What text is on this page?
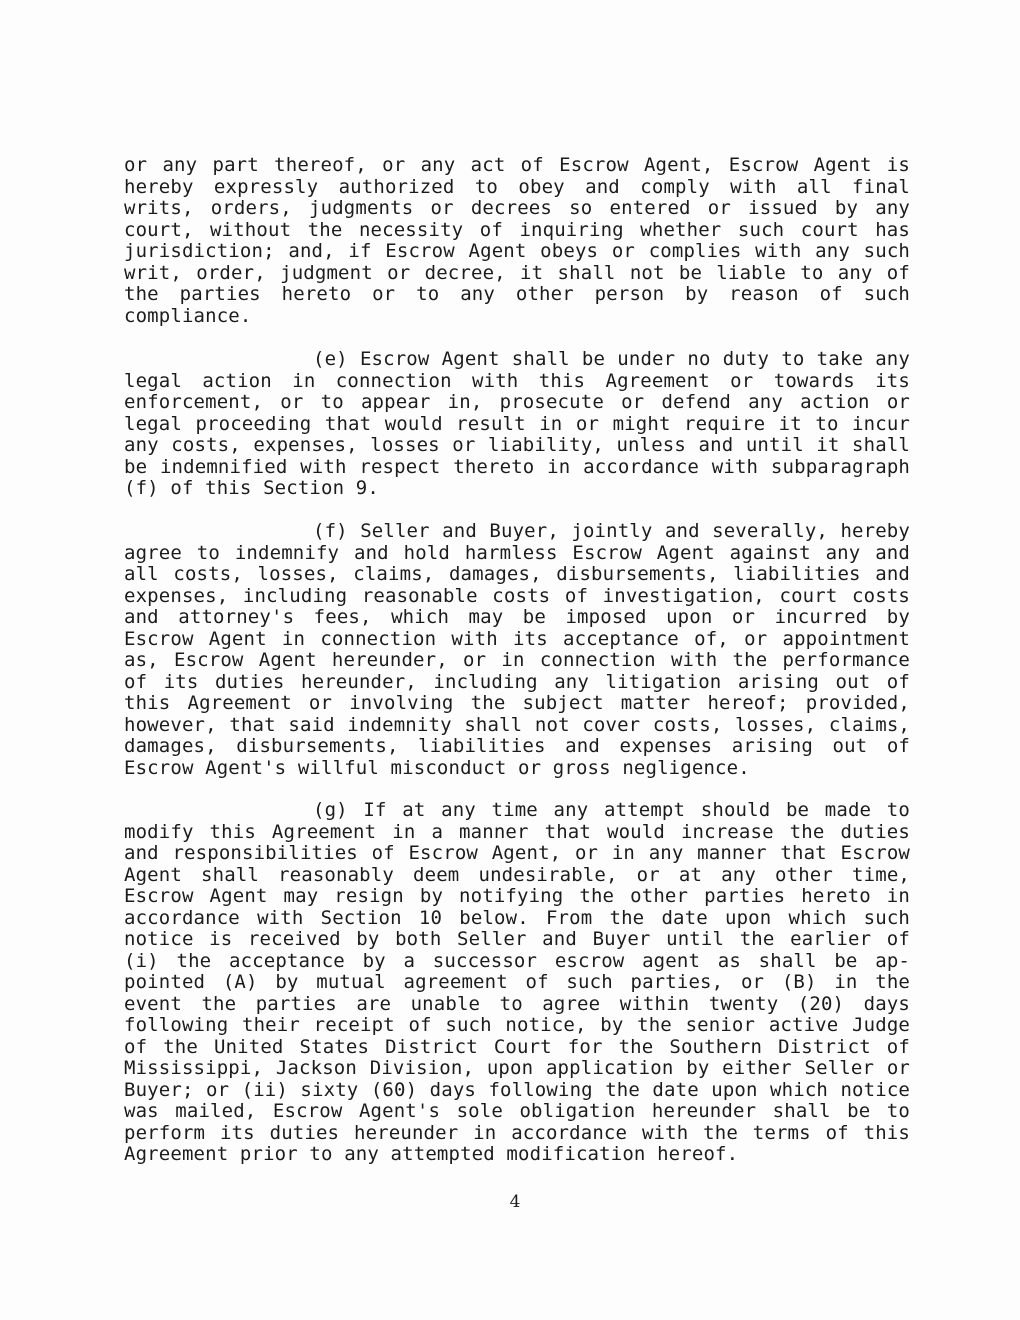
or any part thereof, or any act of Escrow Agent, Escrow Agent is hereby expressly authorized to obey and comply with all final writs, orders, judgments or decrees so entered or issued by any court, without the necessity of inquiring whether such court has jurisdiction; and, if Escrow Agent obeys or complies with any such writ, order, judgment or decree, it shall not be liable to any of the parties hereto or to any other person by reason of such compliance.

(e) Escrow Agent shall be under no duty to take any legal action in connection with this Agreement or towards its enforcement, or to appear in, prosecute or defend any action or legal proceeding that would result in or might require it to incur any costs, expenses, losses or liability, unless and until it shall be indemnified with respect thereto in accordance with subparagraph (f) of this Section 9.

(f) Seller and Buyer, jointly and severally, hereby agree to indemnify and hold harmless Escrow Agent against any and all costs, losses, claims, damages, disbursements, liabilities and expenses, including reasonable costs of investigation, court costs and attorney's fees, which may be imposed upon or incurred by Escrow Agent in connection with its acceptance of, or appointment as, Escrow Agent hereunder, or in connection with the performance of its duties hereunder, including any litigation arising out of this Agreement or involving the subject matter hereof; provided, however, that said indemnity shall not cover costs, losses, claims, damages, disbursements, liabilities and expenses arising out of Escrow Agent's willful misconduct or gross negligence.

(g) If at any time any attempt should be made to modify this Agreement in a manner that would increase the duties and responsibilities of Escrow Agent, or in any manner that Escrow Agent shall reasonably deem undesirable, or at any other time, Escrow Agent may resign by notifying the other parties hereto in accordance with Section 10 below. From the date upon which such notice is received by both Seller and Buyer until the earlier of (i) the acceptance by a successor escrow agent as shall be ap-pointed (A) by mutual agreement of such parties, or (B) in the event the parties are unable to agree within twenty (20) days following their receipt of such notice, by the senior active Judge of the United States District Court for the Southern District of Mississippi, Jackson Division, upon application by either Seller or Buyer; or (ii) sixty (60) days following the date upon which notice was mailed, Escrow Agent's sole obligation hereunder shall be to perform its duties hereunder in accordance with the terms of this Agreement prior to any attempted modification hereof.

4
